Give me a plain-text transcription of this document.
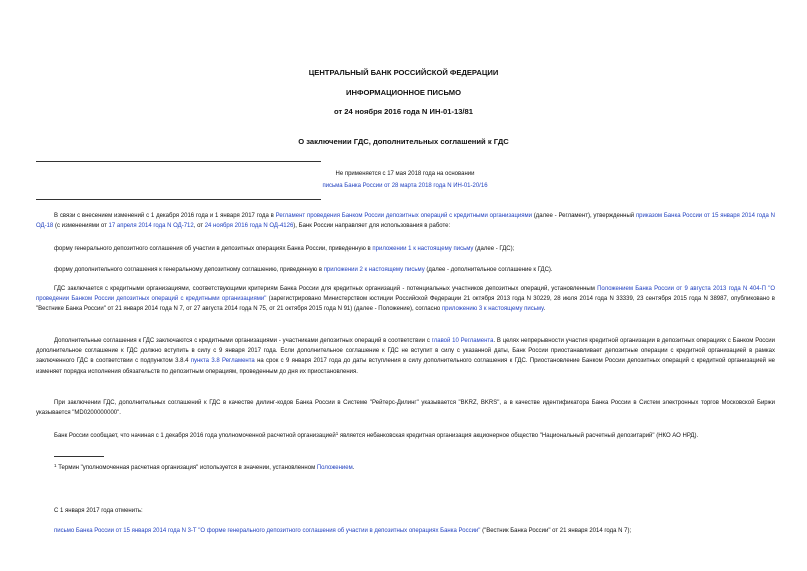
ЦЕНТРАЛЬНЫЙ БАНК РОССИЙСКОЙ ФЕДЕРАЦИИ
ИНФОРМАЦИОННОЕ ПИСЬМО
от 24 ноября 2016 года N ИН-01-13/81
О заключении ГДС, дополнительных соглашений к ГДС
Не применяется с 17 мая 2018 года на основании
письма Банка России от 28 марта 2018 года N ИН-01-20/16
В связи с внесением изменений с 1 декабря 2016 года и 1 января 2017 года в Регламент проведения Банком России депозитных операций с кредитными организациями (далее - Регламент), утвержденный приказом Банка России от 15 января 2014 года N ОД-18 (с изменениями от 17 апреля 2014 года N ОД-712, от 24 ноября 2016 года N ОД-4126), Банк России направляет для использования в работе:
форму генерального депозитного соглашения об участии в депозитных операциях Банка России, приведенную в приложении 1 к настоящему письму (далее - ГДС);
форму дополнительного соглашения к генеральному депозитному соглашению, приведенную в приложении 2 к настоящему письму (далее - дополнительное соглашение к ГДС).
ГДС заключается с кредитными организациями, соответствующими критериям Банка России для кредитных организаций - потенциальных участников депозитных операций, установленным Положением Банка России от 9 августа 2013 года N 404-П "О проведении Банком России депозитных операций с кредитными организациями" (зарегистрировано Министерством юстиции Российской Федерации 21 октября 2013 года N 30229, 28 июля 2014 года N 33339, 23 сентября 2015 года N 38987, опубликовано в "Вестнике Банка России" от 21 января 2014 года N 7, от 27 августа 2014 года N 75, от 21 октября 2015 года N 91) (далее - Положение), согласно приложению 3 к настоящему письму.
Дополнительные соглашения к ГДС заключаются с кредитными организациями - участниками депозитных операций в соответствии с главой 10 Регламента. В целях непрерывности участия кредитной организации в депозитных операциях с Банком России дополнительное соглашение к ГДС должно вступить в силу с 9 января 2017 года. Если дополнительное соглашение к ГДС не вступит в силу с указанной даты, Банк России приостанавливает депозитные операции с кредитной организацией в рамках заключенного ГДС в соответствии с подпунктом 3.8.4 пункта 3.8 Регламента на срок с 9 января 2017 года до даты вступления в силу дополнительного соглашения к ГДС. Приостановление Банком России депозитных операций с кредитной организацией не изменяет порядка исполнения обязательств по депозитным операциям, проведенным до дня их приостановления.
При заключении ГДС, дополнительных соглашений к ГДС в качестве дилинг-кодов Банка России в Системе "Рейтерс-Дилинг" указывается "BKRZ, BKRS", а в качестве идентификатора Банка России в Систем электронных торгов Московской Биржи указывается "MD0200000000".
Банк России сообщает, что начиная с 1 декабря 2016 года уполномоченной расчетной организацией$^1$ является небанковская кредитная организация акционерное общество "Национальный расчетный депозитарий" (НКО АО НРД).
$^1$ Термин "уполномоченная расчетная организация" используется в значении, установленном Положением.
С 1 января 2017 года отменить:
письмо Банка России от 15 января 2014 года N 3-Т "О форме генерального депозитного соглашения об участии в депозитных операциях Банка России" ("Вестник Банка России" от 21 января 2014 года N 7);
